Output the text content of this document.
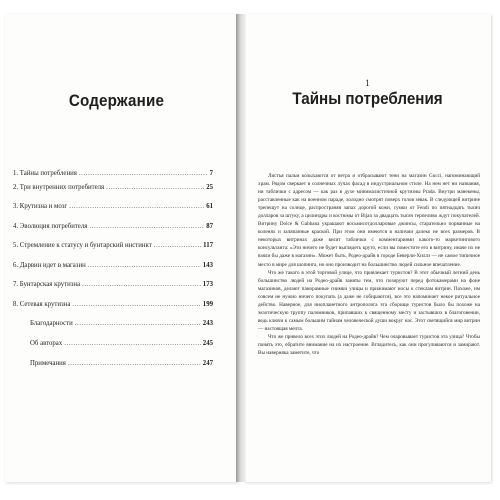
Содержание
1. Тайны потребления .....	7
2. Три внутренних потребителя .....	25
3. Крутизна и мозг .....	61
4. Эволюция потребителя .....	87
5. Стремление к статусу и бунтарский инстинкт .....	117
6. Дарвин идет в магазин .....	143
7. Бунтарская крутизна .....	173
8. Сетевая крутизна .....	199
Благодарности .....	243
Об авторах .....	245
Примечания .....	247
1
Тайны потребления

Листья пальм колыхаются от ветра и отбрасывают тени на магазин Gucci, напоминающий храм. Рядом сверкает в солнечных лучах фасад в индустриальном стиле. На нем нет ни названия, ни таблички с адресом — как раз в духе минималистичной крутизны Prada. Внутри манекены, расставленные как на военном параде, холодно смотрят поверх голов зевак. В следующей витрине трепещут на солнце, распространяя запах дорогой кожи, сумки от Fendi по пятнадцать тысяч долларов за штуку, а цилиндры и костюмы от Bijan за двадцать тысяч терпеливо ждут покупателей. Витрину Dolce & Gabbana украшают восьмисотдолларовые джинсы, старательно порванные на коленях и заляпанные краской. При этом они имеются в наличии далеко не всех размеров. В некоторых витринах даже висят таблички с комментариями какого-то маркетингового консультанта: «Эти ничего не будет выглядеть круто, если вы поместите его в витрину, иначе их не взяли бы даже в магазин». Может быть, Родео-драйв в городе Беверли-Хиллз — не самое типичное место в мире для шопинга, но оно производит на большинство людей сильное впечатление.

Что же такого в этой торговой улице, что привлекает туристов? В этот обычный летний день большинство людей на Родео-драйв заняты тем, что позируют перед фотокамерами на фоне магазинов, делают панорамные снимки улицы и прижимают носы к стеклам витрин. Похоже, им совсем не нужно ничего покупать (а даже не собираются), все это напоминает некое ритуальное действо. Наверное, для инопланетного антрополога эта сборище туристов было бы похоже на экзотическую группу паломников, припавших к священному месту и застывших в благоговении, ведь ключи к самым большим тайнам человеческой души вокруг нас. Этот светящийся мир витрин — настоящая мечта.

Что же привело всех этих людей на Родео-драйв? Чем очаровывает туристов эта улица? Чтобы понять это, обратите внимание на их настроение. Вглядитесь, как они прогуливаются и замирают. Вы наверняка заметите, что
